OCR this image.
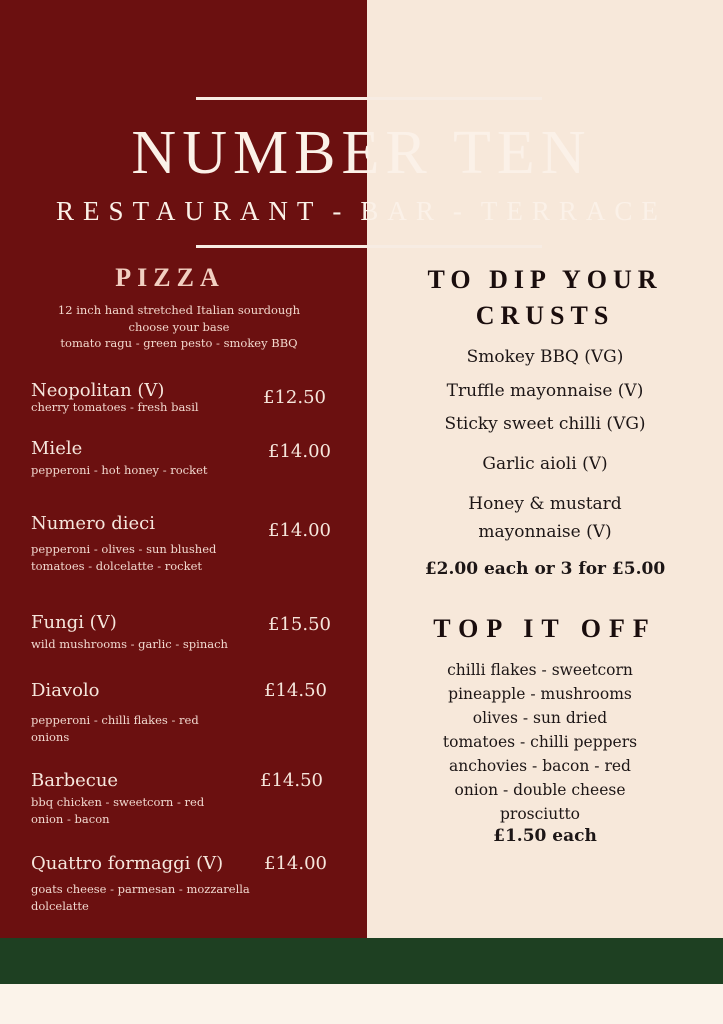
NUMBER TEN
RESTAURANT - BAR - TERRACE
PIZZA
12 inch hand stretched Italian sourdough
choose your base
tomato ragu - green pesto - smokey BBQ
Neopolitan (V)	£12.50
cherry tomatoes - fresh basil
Miele	£14.00
pepperoni - hot honey - rocket
Numero dieci	£14.00
pepperoni - olives - sun blushed tomatoes - dolcelatte - rocket
Fungi (V)	£15.50
wild mushrooms - garlic - spinach
Diavolo	£14.50
pepperoni - chilli flakes - red onions
Barbecue	£14.50
bbq chicken - sweetcorn - red onion - bacon
Quattro formaggi (V)	£14.00
goats cheese - parmesan - mozzarella dolcelatte
TO DIP YOUR
CRUSTS
Smokey BBQ (VG)
Truffle mayonnaise (V)
Sticky sweet chilli (VG)
Garlic aioli (V)
Honey & mustard
mayonnaise (V)
£2.00 each or 3 for £5.00
TOP IT OFF
chilli flakes - sweetcorn
pineapple - mushrooms
olives - sun dried
tomatoes - chilli peppers
anchovies - bacon - red
onion - double cheese
prosciutto
£1.50 each
